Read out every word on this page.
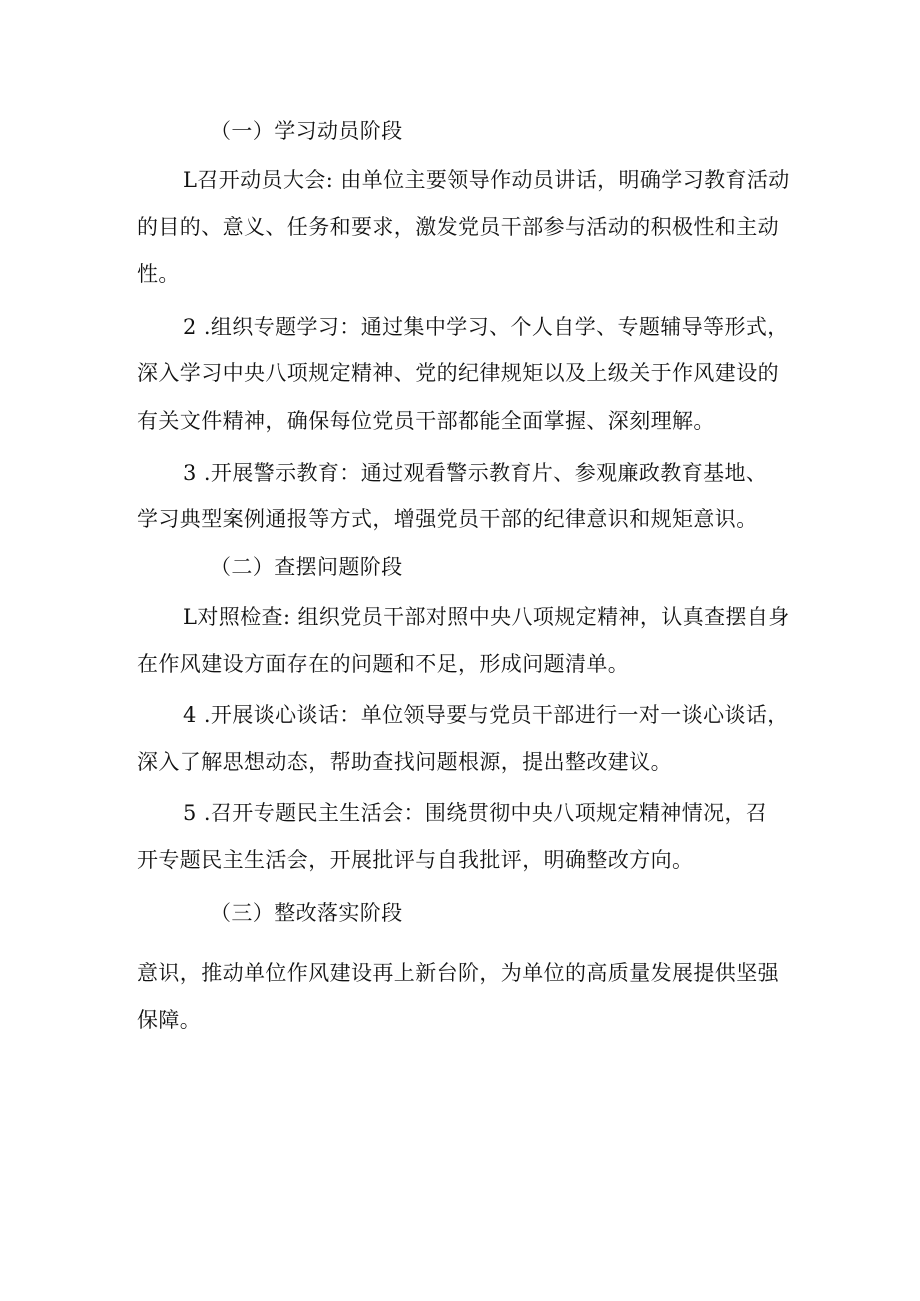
（一）学习动员阶段
L召开动员大会: 由单位主要领导作动员讲话，明确学习教育活动
的目的、意义、任务和要求，激发党员干部参与活动的积极性和主动
性。
2 .组织专题学习：通过集中学习、个人自学、专题辅导等形式，
深入学习中央八项规定精神、党的纪律规矩以及上级关于作风建设的
有关文件精神，确保每位党员干部都能全面掌握、深刻理解。
3 .开展警示教育：通过观看警示教育片、参观廉政教育基地、
学习典型案例通报等方式，增强党员干部的纪律意识和规矩意识。
（二）查摆问题阶段
L对照检查: 组织党员干部对照中央八项规定精神，认真查摆自身
在作风建设方面存在的问题和不足，形成问题清单。
4 .开展谈心谈话：单位领导要与党员干部进行一对一谈心谈话，
深入了解思想动态，帮助查找问题根源，提出整改建议。
5 .召开专题民主生活会：围绕贯彻中央八项规定精神情况，召
开专题民主生活会，开展批评与自我批评，明确整改方向。
（三）整改落实阶段
意识，推动单位作风建设再上新台阶，为单位的高质量发展提供坚强
保障。
